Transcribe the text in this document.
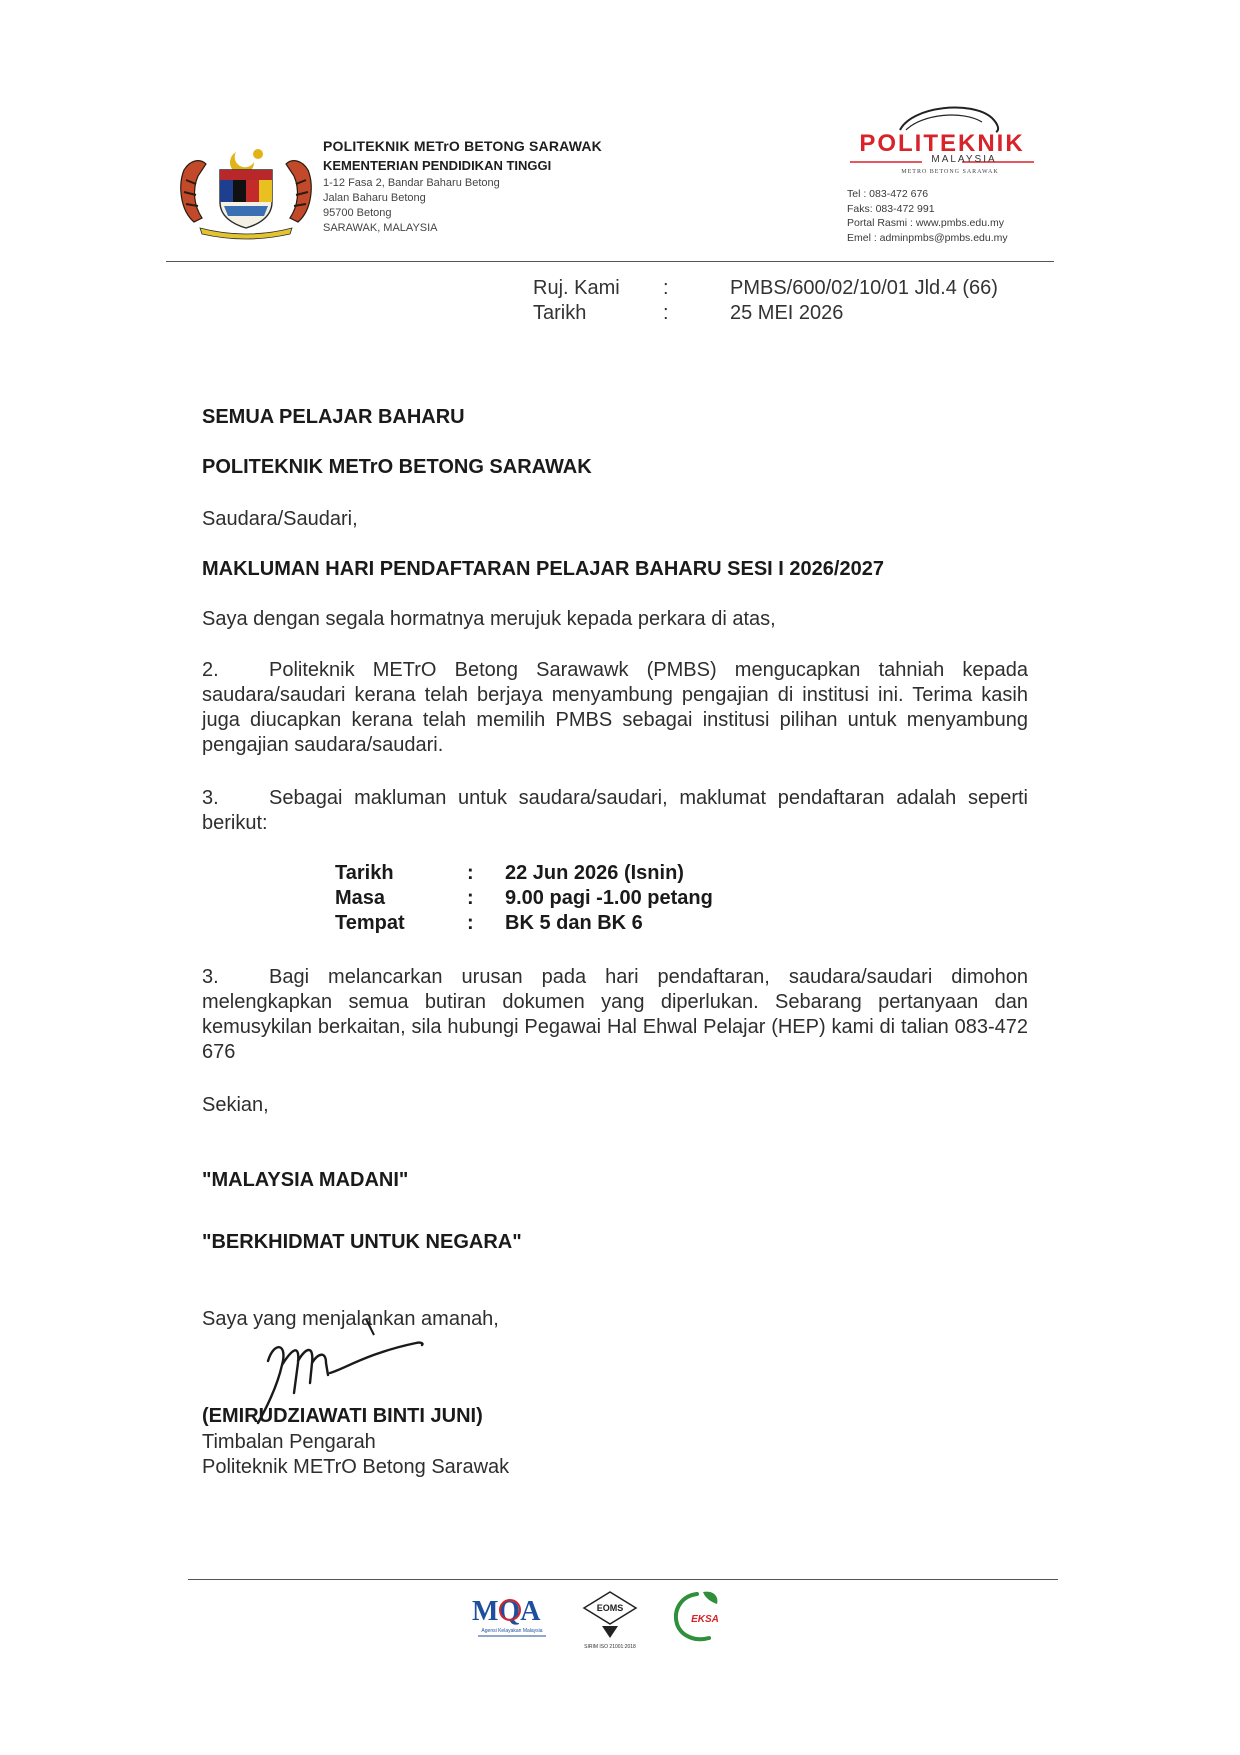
POLITEKNIK METrO BETONG SARAWAK
KEMENTERIAN PENDIDIKAN TINGGI
1-12 Fasa 2, Bandar Baharu Betong
Jalan Baharu Betong
95700 Betong
SARAWAK, MALAYSIA
POLITEKNIK
MALAYSIA
METRO BETONG SARAWAK
Tel : 083-472 676
Faks: 083-472 991
Portal Rasmi : www.pmbs.edu.my
Emel : adminpmbs@pmbs.edu.my
Ruj. Kami :	PMBS/600/02/10/01 Jld.4 (66)
Tarikh	:	25 MEI 2026
SEMUA PELAJAR BAHARU
POLITEKNIK METrO BETONG SARAWAK
Saudara/Saudari,
MAKLUMAN HARI PENDAFTARAN PELAJAR BAHARU SESI I 2026/2027
Saya dengan segala hormatnya merujuk kepada perkara di atas,
2.	Politeknik METrO Betong Sarawawk (PMBS) mengucapkan tahniah kepada saudara/saudari kerana telah berjaya menyambung pengajian di institusi ini. Terima kasih juga diucapkan kerana telah memilih PMBS sebagai institusi pilihan untuk menyambung pengajian saudara/saudari.
3.	Sebagai makluman untuk saudara/saudari, maklumat pendaftaran adalah seperti berikut:
Tarikh	: 22 Jun 2026 (Isnin)
Masa	: 9.00 pagi -1.00 petang
Tempat	: BK 5 dan BK 6
3.	Bagi melancarkan urusan pada hari pendaftaran, saudara/saudari dimohon melengkapkan semua butiran dokumen yang diperlukan. Sebarang pertanyaan dan kemusykilan berkaitan, sila hubungi Pegawai Hal Ehwal Pelajar (HEP) kami di talian 083-472 676
Sekian,
"MALAYSIA MADANI"
"BERKHIDMAT UNTUK NEGARA"
Saya yang menjalankan amanah,
(EMIRUDZIAWATI BINTI JUNI)
Timbalan Pengarah
Politeknik METrO Betong Sarawak
MQA
Agensi Kelayakan Malaysia
EOMS
SIRIM ISO 21001:2018
EKSA
